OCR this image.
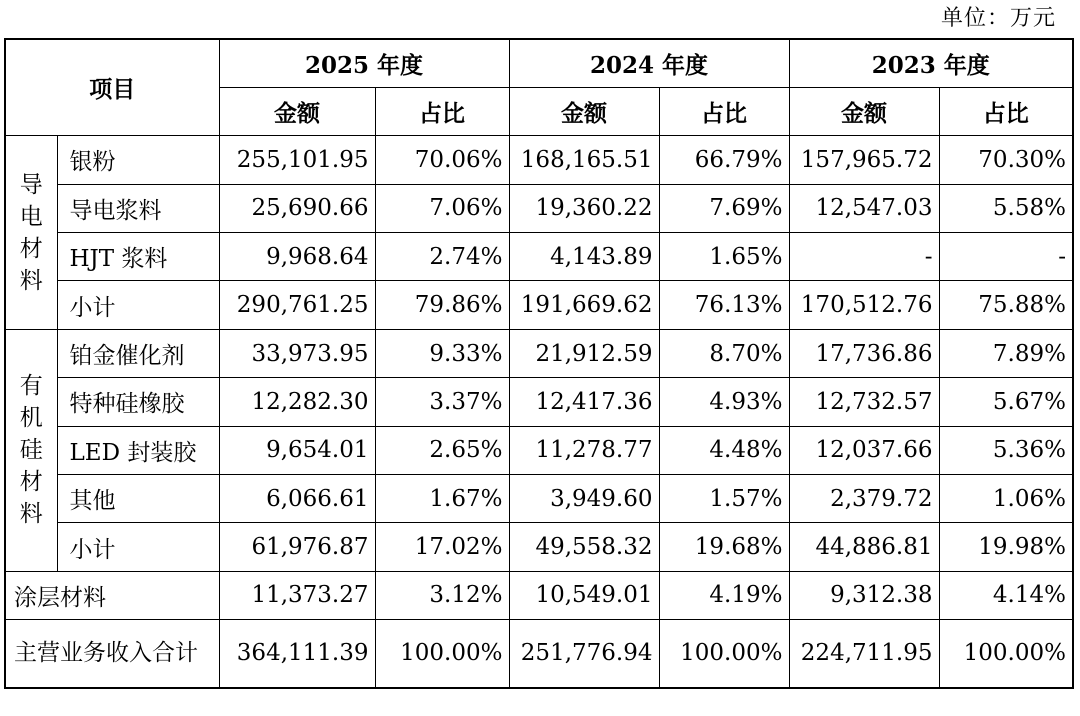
单位：万元
项目		2025 年度		2024 年度		2023 年度	
		金额	占比	金额	占比	金额	占比

导
电
材
料	银粉	255,101.95	70.06%	168,165.51	66.79%	157,965.72	70.30%
	导电浆料	25,690.66	7.06%	19,360.22	7.69%	12,547.03	5.58%
	HJT 浆料	9,968.64	2.74%	4,143.89	1.65%	-	-
	小计	290,761.25	79.86%	191,669.62	76.13%	170,512.76	75.88%

有
机
硅
材
料	铂金催化剂	33,973.95	9.33%	21,912.59	8.70%	17,736.86	7.89%
	特种硅橡胶	12,282.30	3.37%	12,417.36	4.93%	12,732.57	5.67%
	LED 封装胶	9,654.01	2.65%	11,278.77	4.48%	12,037.66	5.36%
	其他	6,066.61	1.67%	3,949.60	1.57%	2,379.72	1.06%
	小计	61,976.87	17.02%	49,558.32	19.68%	44,886.81	19.98%
涂层材料		11,373.27	3.12%	10,549.01	4.19%	9,312.38	4.14%
主营业务收入合计		364,111.39	100.00%	251,776.94	100.00%	224,711.95	100.00%
